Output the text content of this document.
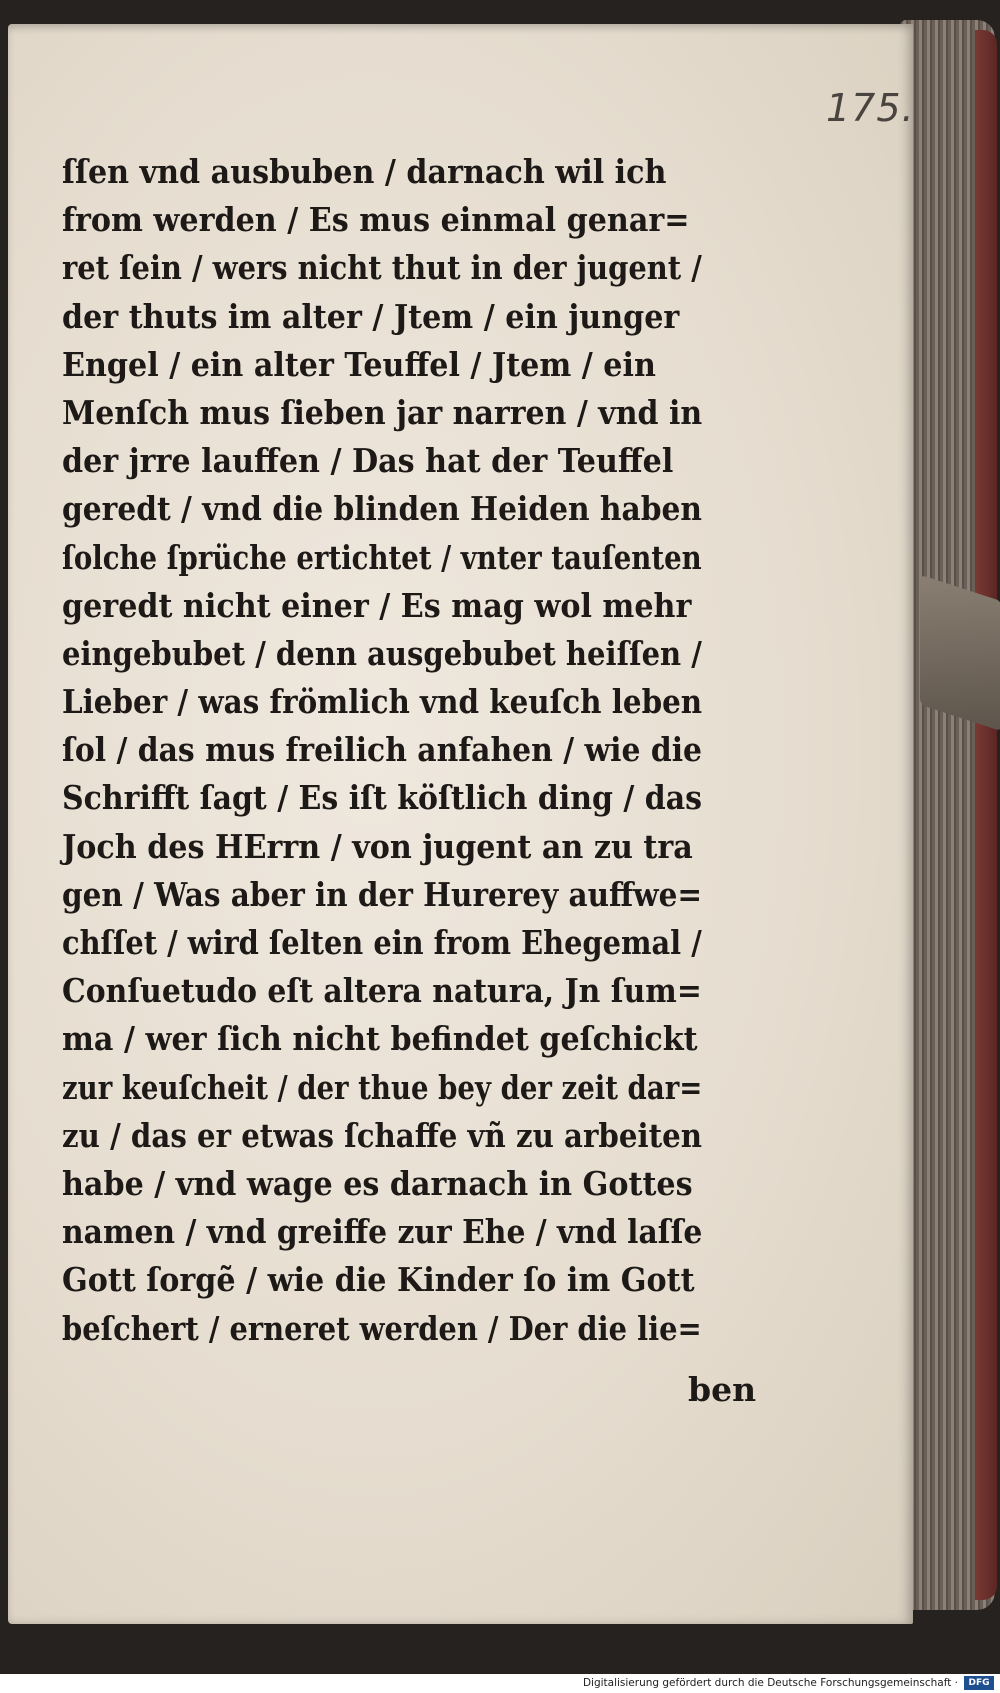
175.
ſſen vnd ausbuben / darnach wil ich
from werden / Es mus einmal genar=
ret ſein / wers nicht thut in der jugent /
der thuts im alter / Jtem / ein junger
Engel / ein alter Teuffel / Jtem / ein
Menſch mus ſieben jar narren / vnd in
der jrre lauffen / Das hat der Teuffel
geredt / vnd die blinden Heiden haben
ſolche ſprüche ertichtet / vnter tauſenten
geredt nicht einer / Es mag wol mehr
eingebubet / denn ausgebubet heiſſen /
Lieber / was frömlich vnd keuſch leben
ſol / das mus freilich anfahen / wie die
Schrifft ſagt / Es iſt köſtlich ding / das
Joch des HErrn / von jugent an zu tra
gen / Was aber in der Hurerey auffwe=
chſſet / wird ſelten ein from Ehegemal /
Conſuetudo eſt altera natura, Jn ſum=
ma / wer ſich nicht befindet geſchickt
zur keuſcheit / der thue bey der zeit dar=
zu / das er etwas ſchaffe vñ zu arbeiten
habe / vnd wage es darnach in Gottes
namen / vnd greiffe zur Ehe / vnd laſſe
Gott ſorgẽ / wie die Kinder ſo im Gott
beſchert / erneret werden / Der die lie=
ben
Digitalisierung gefördert durch die Deutsche Forschungsgemeinschaft ·	DFG
